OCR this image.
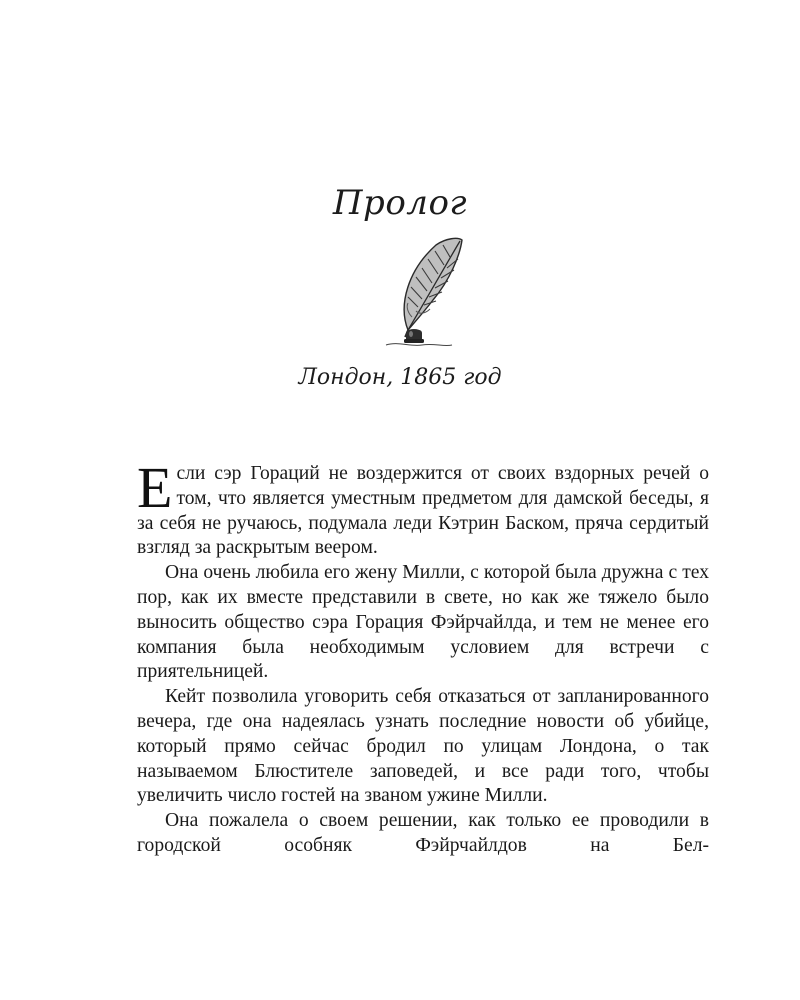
Пролог
Лондон, 1865 год

Если сэр Гораций не воздержится от своих вздорных речей о том, что является уместным предметом для дамской беседы, я за себя не ручаюсь, подумала леди Кэтрин Баском, пряча сердитый взгляд за раскрытым веером.

Она очень любила его жену Милли, с которой была дружна с тех пор, как их вместе представили в свете, но как же тяжело было выносить общество сэра Горация Фэйрчайлда, и тем не менее его компания была необходимым условием для встречи с приятельницей.

Кейт позволила уговорить себя отказаться от запланированного вечера, где она надеялась узнать последние новости об убийце, который прямо сейчас бродил по улицам Лондона, о так называемом Блюстителе заповедей, и все ради того, чтобы увеличить число гостей на званом ужине Милли.

Она пожалела о своем решении, как только ее проводили в городской особняк Фэйрчайлдов на Бел-
